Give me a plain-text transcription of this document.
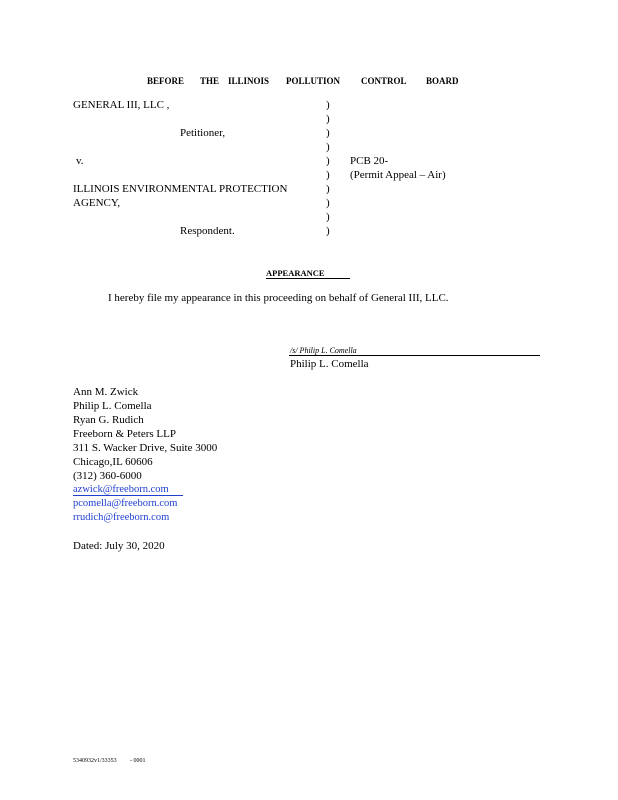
BEFORE THE ILLINOIS POLLUTION CONTROL BOARD
GENERAL III, LLC ,
Petitioner,
v.
ILLINOIS ENVIRONMENTAL PROTECTION
AGENCY,
Respondent.
)
)
)
)
)
)
)
)
)
)
PCB 20-
(Permit Appeal – Air)
APPEARANCE
I hereby file my appearance in this proceeding on behalf of General III, LLC.
/s/ Philip L. Comella
Philip L. Comella
Ann M. Zwick
Philip L. Comella
Ryan G. Rudich
Freeborn & Peters LLP
311 S. Wacker Drive, Suite 3000
Chicago,IL 60606
(312) 360-6000
azwick@freeborn.com
pcomella@freeborn.com
rrudich@freeborn.com
Dated: July 30, 2020
5340932v1/33353 - 0001
